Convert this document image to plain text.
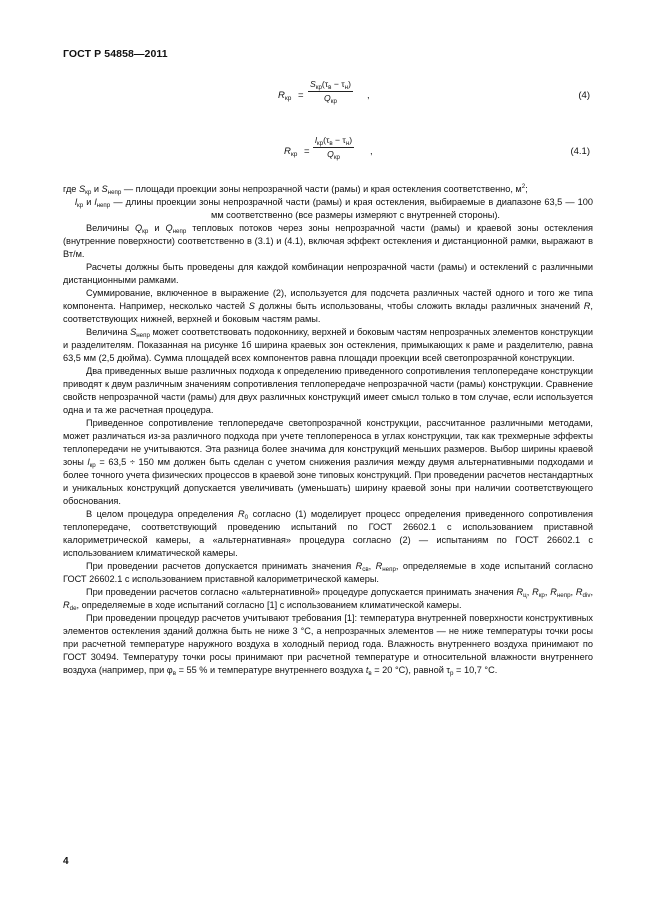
ГОСТ Р 54858—2011
$R_{кр}$ =
$S_{кр}(\tau_в - \tau_н)$
$Q_{кр}$
,	(4)
$R_{кр}$ =
$l_{кр}(\tau_в - \tau_н)$
$Q_{кр}$
,	(4.1)

где $S_{кр}$ и $S_{непр}$ — площади проекции зоны непрозрачной части (рамы) и края остекления соответственно, $м^2$;

$l_{кр}$ и $l_{непр}$ — длины проекции зоны непрозрачной части (рамы) и края остекления, выбираемые в диапазоне 63,5 — 100 мм соответственно (все размеры измеряют с внутренней стороны).

Величины $Q_{кр}$ и $Q_{непр}$ тепловых потоков через зоны непрозрачной части (рамы) и краевой зоны остекления (внутренние поверхности) соответственно в (3.1) и (4.1), включая эффект остекления и дистанционной рамки, выражают в Вт/м.

Расчеты должны быть проведены для каждой комбинации непрозрачной части (рамы) и остеклений с различными дистанционными рамками.

Суммирование, включенное в выражение (2), используется для подсчета различных частей одного и того же типа компонента. Например, несколько частей S должны быть использованы, чтобы сложить вклады различных значений R, соответствующих нижней, верхней и боковым частям рамы.

Величина $S_{непр}$ может соответствовать подоконнику, верхней и боковым частям непрозрачных элементов конструкции и разделителям. Показанная на рисунке 1б ширина краевых зон остекления, примыкающих к раме и разделителю, равна 63,5 мм (2,5 дюйма). Сумма площадей всех компонентов равна площади проекции всей светопрозрачной конструкции.

Два приведенных выше различных подхода к определению приведенного сопротивления теплопередаче конструкции приводят к двум различным значениям сопротивления теплопередаче непрозрачной части (рамы) конструкции. Сравнение свойств непрозрачной части (рамы) для двух различных конструкций имеет смысл только в том случае, если используется одна и та же расчетная процедура.

Приведенное сопротивление теплопередаче светопрозрачной конструкции, рассчитанное различными методами, может различаться из-за различного подхода при учете теплопереноса в углах конструкции, так как трехмерные эффекты теплопередачи не учитываются. Эта разница более значима для конструкций меньших размеров. Выбор ширины краевой зоны $l_{кр} = 63,5 \div 150$ мм должен быть сделан с учетом снижения различия между двумя альтернативными подходами и более точного учета физических процессов в краевой зоне типовых конструкций. При проведении расчетов нестандартных и уникальных конструкций допускается увеличивать (уменьшать) ширину краевой зоны при наличии соответствующего обоснования.

В целом процедура определения $R_0$ согласно (1) моделирует процесс определения приведенного сопротивления теплопередаче, соответствующий проведению испытаний по ГОСТ 26602.1 с использованием приставной калориметрической камеры, а «альтернативная» процедура согласно (2) — испытаниям по ГОСТ 26602.1 с использованием климатической камеры.

При проведении расчетов допускается принимать значения $R_{св}$, $R_{непр}$, определяемые в ходе испытаний согласно ГОСТ 26602.1 с использованием приставной калориметрической камеры.

При проведении расчетов согласно «альтернативной» процедуре допускается принимать значения $R_ц$, $R_{кр}$, $R_{непр}$, $R_{div}$, $R_{de}$, определяемые в ходе испытаний согласно [1] с использованием климатической камеры.

При проведении процедур расчетов учитывают требования [1]: температура внутренней поверхности конструктивных элементов остекления зданий должна быть не ниже 3 °С, а непрозрачных элементов — не ниже температуры точки росы при расчетной температуре наружного воздуха в холодный период года. Влажность внутреннего воздуха принимают по ГОСТ 30494. Температуру точки росы принимают при расчетной температуре и относительной влажности внутреннего воздуха (например, при $\varphi_в = 55$ % и температуре внутреннего воздуха $t_в = 20$ °С), равной $\tau_р = 10,7$ °С.

4
